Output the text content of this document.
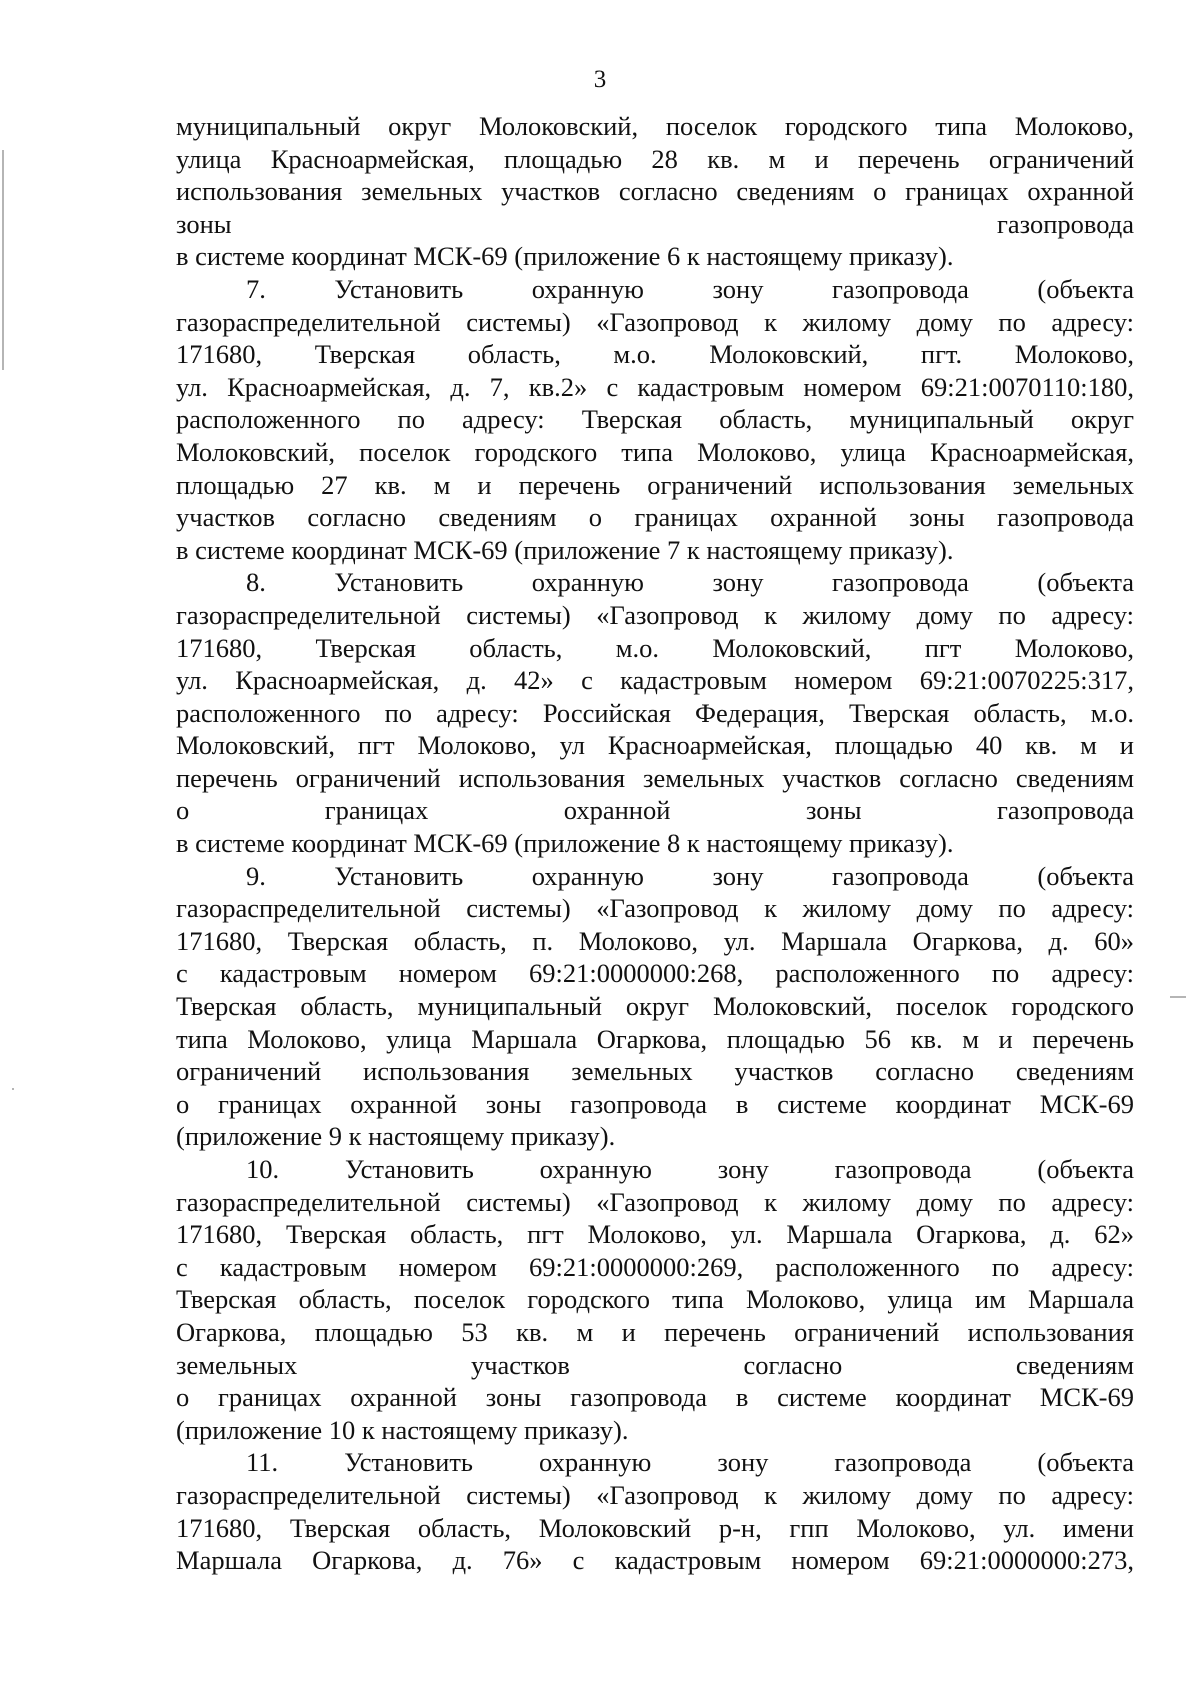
3
муниципальный округ Молоковский, поселок городского типа Молоково,
улица Красноармейская, площадью 28 кв. м и перечень ограничений
использования земельных участков согласно сведениям о границах охранной
зоны газопровода
в системе координат МСК-69 (приложение 6 к настоящему приказу).
7. Установить охранную зону газопровода (объекта
газораспределительной системы) «Газопровод к жилому дому по адресу:
171680, Тверская область, м.о. Молоковский, пгт. Молоково,
ул. Красноармейская, д. 7, кв.2» с кадастровым номером 69:21:0070110:180,
расположенного по адресу: Тверская область, муниципальный округ
Молоковский, поселок городского типа Молоково, улица Красноармейская,
площадью 27 кв. м и перечень ограничений использования земельных
участков согласно сведениям о границах охранной зоны газопровода
в системе координат МСК-69 (приложение 7 к настоящему приказу).
8. Установить охранную зону газопровода (объекта
газораспределительной системы) «Газопровод к жилому дому по адресу:
171680, Тверская область, м.о. Молоковский, пгт Молоково,
ул. Красноармейская, д. 42» с кадастровым номером 69:21:0070225:317,
расположенного по адресу: Российская Федерация, Тверская область, м.о.
Молоковский, пгт Молоково, ул Красноармейская, площадью 40 кв. м и
перечень ограничений использования земельных участков согласно сведениям
о границах охранной зоны газопровода
в системе координат МСК-69 (приложение 8 к настоящему приказу).
9. Установить охранную зону газопровода (объекта
газораспределительной системы) «Газопровод к жилому дому по адресу:
171680, Тверская область, п. Молоково, ул. Маршала Огаркова, д. 60»
с кадастровым номером 69:21:0000000:268, расположенного по адресу:
Тверская область, муниципальный округ Молоковский, поселок городского
типа Молоково, улица Маршала Огаркова, площадью 56 кв. м и перечень
ограничений использования земельных участков согласно сведениям
о границах охранной зоны газопровода в системе координат МСК-69
(приложение 9 к настоящему приказу).
10. Установить охранную зону газопровода (объекта
газораспределительной системы) «Газопровод к жилому дому по адресу:
171680, Тверская область, пгт Молоково, ул. Маршала Огаркова, д. 62»
с кадастровым номером 69:21:0000000:269, расположенного по адресу:
Тверская область, поселок городского типа Молоково, улица им Маршала
Огаркова, площадью 53 кв. м и перечень ограничений использования
земельных участков согласно сведениям
о границах охранной зоны газопровода в системе координат МСК-69
(приложение 10 к настоящему приказу).
11. Установить охранную зону газопровода (объекта
газораспределительной системы) «Газопровод к жилому дому по адресу:
171680, Тверская область, Молоковский р-н, гпп Молоково, ул. имени
Маршала Огаркова, д. 76» с кадастровым номером 69:21:0000000:273,
